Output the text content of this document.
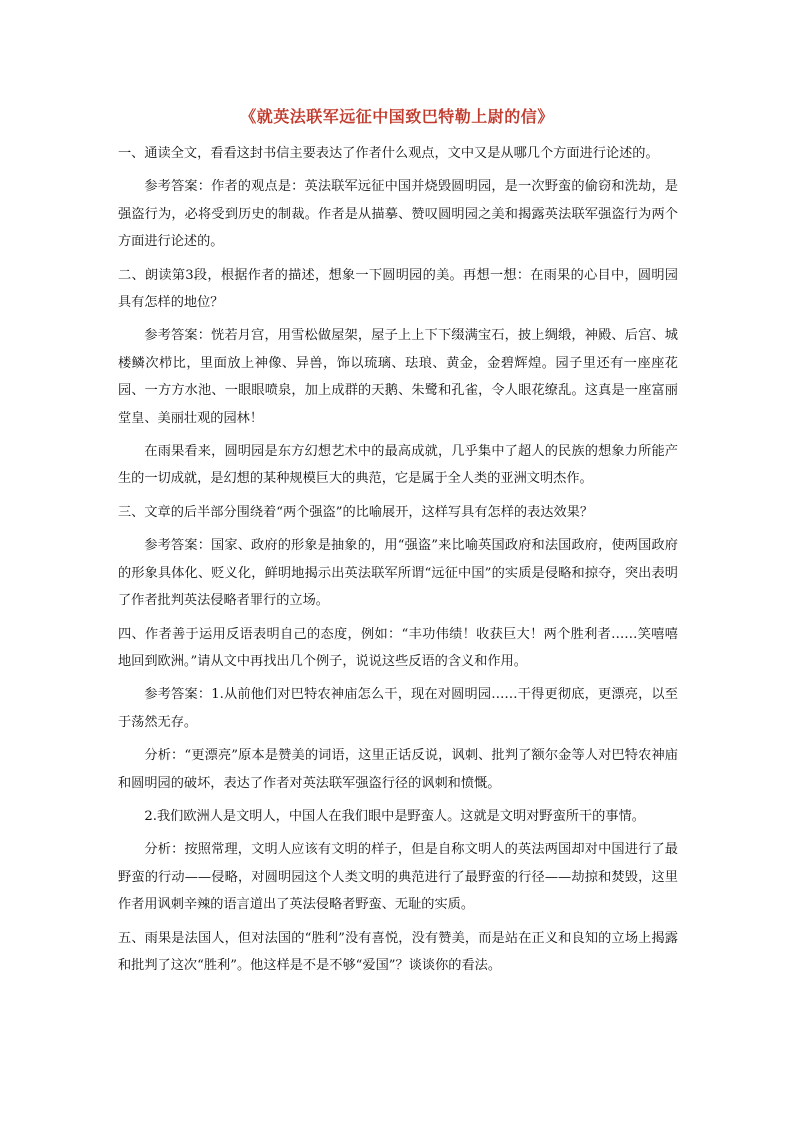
《就英法联军远征中国致巴特勒上尉的信》

一、通读全文，看看这封书信主要表达了作者什么观点，文中又是从哪几个方面进行论述的。

参考答案：作者的观点是：英法联军远征中国并烧毁圆明园，是一次野蛮的偷窃和洗劫，是强盗行为，必将受到历史的制裁。作者是从描摹、赞叹圆明园之美和揭露英法联军强盗行为两个方面进行论述的。

二、朗读第3段，根据作者的描述，想象一下圆明园的美。再想一想：在雨果的心目中，圆明园具有怎样的地位？

参考答案：恍若月宫，用雪松做屋架，屋子上上下下缀满宝石，披上绸缎，神殿、后宫、城楼鳞次栉比，里面放上神像、异兽，饰以琉璃、珐琅、黄金，金碧辉煌。园子里还有一座座花园、一方方水池、一眼眼喷泉，加上成群的天鹅、朱鹭和孔雀，令人眼花缭乱。这真是一座富丽堂皇、美丽壮观的园林！

在雨果看来，圆明园是东方幻想艺术中的最高成就，几乎集中了超人的民族的想象力所能产生的一切成就，是幻想的某种规模巨大的典范，它是属于全人类的亚洲文明杰作。

三、文章的后半部分围绕着“两个强盗”的比喻展开，这样写具有怎样的表达效果？

参考答案：国家、政府的形象是抽象的，用“强盗”来比喻英国政府和法国政府，使两国政府的形象具体化、贬义化，鲜明地揭示出英法联军所谓“远征中国”的实质是侵略和掠夺，突出表明了作者批判英法侵略者罪行的立场。

四、作者善于运用反语表明自己的态度，例如：“丰功伟绩！收获巨大！两个胜利者……笑嘻嘻地回到欧洲。”请从文中再找出几个例子，说说这些反语的含义和作用。

参考答案：1.从前他们对巴特农神庙怎么干，现在对圆明园……干得更彻底，更漂亮，以至于荡然无存。

分析：“更漂亮”原本是赞美的词语，这里正话反说，讽刺、批判了额尔金等人对巴特农神庙和圆明园的破坏，表达了作者对英法联军强盗行径的讽刺和愤慨。

2.我们欧洲人是文明人，中国人在我们眼中是野蛮人。这就是文明对野蛮所干的事情。

分析：按照常理，文明人应该有文明的样子，但是自称文明人的英法两国却对中国进行了最野蛮的行动——侵略，对圆明园这个人类文明的典范进行了最野蛮的行径——劫掠和焚毁，这里作者用讽刺辛辣的语言道出了英法侵略者野蛮、无耻的实质。

五、雨果是法国人，但对法国的“胜利”没有喜悦，没有赞美，而是站在正义和良知的立场上揭露和批判了这次“胜利”。他这样是不是不够“爱国”？谈谈你的看法。
